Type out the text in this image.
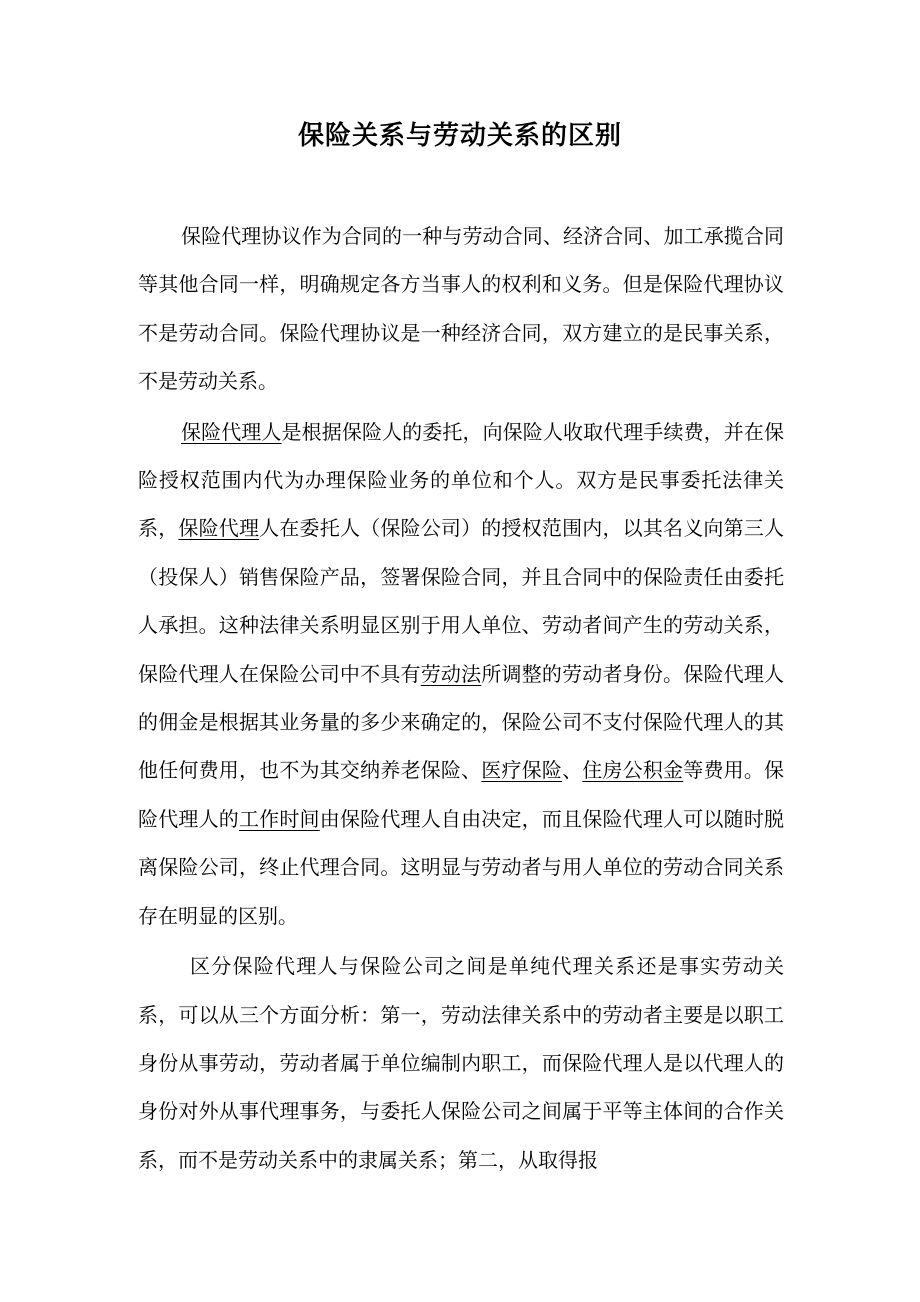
保险关系与劳动关系的区别

保险代理协议作为合同的一种与劳动合同、经济合同、加工承揽合同等其他合同一样，明确规定各方当事人的权利和义务。但是保险代理协议不是劳动合同。保险代理协议是一种经济合同，双方建立的是民事关系，不是劳动关系。

保险代理人是根据保险人的委托，向保险人收取代理手续费，并在保险授权范围内代为办理保险业务的单位和个人。双方是民事委托法律关系，保险代理人在委托人（保险公司）的授权范围内，以其名义向第三人（投保人）销售保险产品，签署保险合同，并且合同中的保险责任由委托人承担。这种法律关系明显区别于用人单位、劳动者间产生的劳动关系，保险代理人在保险公司中不具有劳动法所调整的劳动者身份。保险代理人的佣金是根据其业务量的多少来确定的，保险公司不支付保险代理人的其他任何费用，也不为其交纳养老保险、医疗保险、住房公积金等费用。保险代理人的工作时间由保险代理人自由决定，而且保险代理人可以随时脱离保险公司，终止代理合同。这明显与劳动者与用人单位的劳动合同关系存在明显的区别。

区分保险代理人与保险公司之间是单纯代理关系还是事实劳动关系，可以从三个方面分析：第一，劳动法律关系中的劳动者主要是以职工身份从事劳动，劳动者属于单位编制内职工，而保险代理人是以代理人的身份对外从事代理事务，与委托人保险公司之间属于平等主体间的合作关系，而不是劳动关系中的隶属关系；第二，从取得报
